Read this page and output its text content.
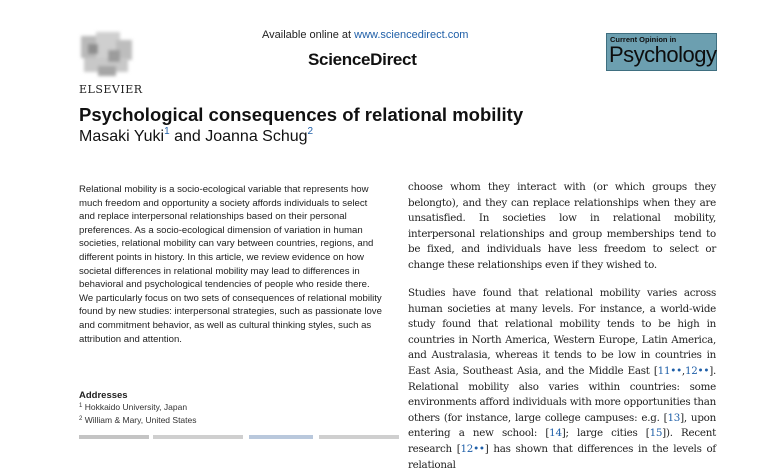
Available online at www.sciencedirect.com
ScienceDirect
ELSEVIER
Current Opinion in
Psychology
Psychological consequences of relational mobility
Masaki Yuki$^1$ and Joanna Schug$^2$

Relational mobility is a socio-ecological variable that represents how much freedom and opportunity a society affords individuals to select and replace interpersonal relationships based on their personal preferences. As a socio-ecological dimension of variation in human societies, relational mobility can vary between countries, regions, and different points in history. In this article, we review evidence on how societal differences in relational mobility may lead to differences in behavioral and psychological tendencies of people who reside there. We particularly focus on two sets of consequences of relational mobility found by new studies: interpersonal strategies, such as passionate love and commitment behavior, as well as cultural thinking styles, such as attribution and attention.

Addresses
$^1$ Hokkaido University, Japan
$^2$ William & Mary, United States

choose whom they interact with (or which groups they belongto), and they can replace relationships when they are unsatisfied. In societies low in relational mobility, interpersonal relationships and group memberships tend to be fixed, and individuals have less freedom to select or change these relationships even if they wished to.

Studies have found that relational mobility varies across human societies at many levels. For instance, a world-wide study found that relational mobility tends to be high in countries in North America, Western Europe, Latin America, and Australasia, whereas it tends to be low in countries in East Asia, Southeast Asia, and the Middle East [11••,12••]. Relational mobility also varies within countries: some environments afford individuals with more opportunities than others (for instance, large college campuses: e.g. [13], upon entering a new school: [14]; large cities [15]). Recent research [12••] has shown that differences in the levels of relational
